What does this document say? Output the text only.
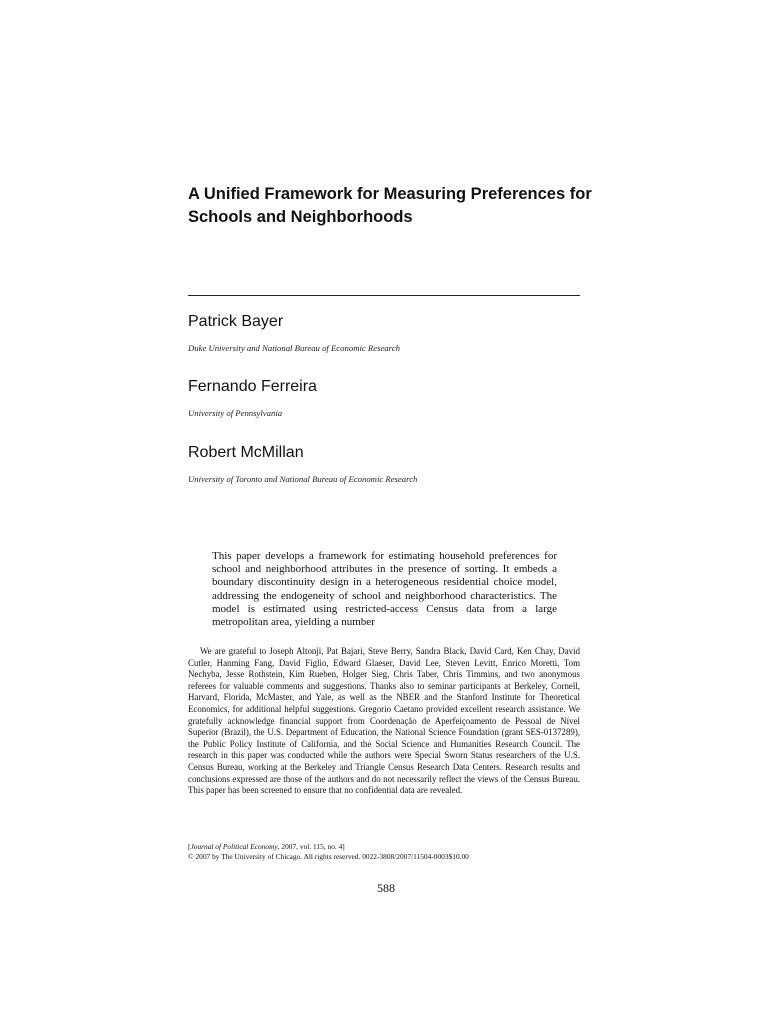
A Unified Framework for Measuring Preferences for Schools and Neighborhoods
Patrick Bayer

Duke University and National Bureau of Economic Research

Fernando Ferreira

University of Pennsylvania

Robert McMillan

University of Toronto and National Bureau of Economic Research

This paper develops a framework for estimating household preferences for school and neighborhood attributes in the presence of sorting. It embeds a boundary discontinuity design in a heterogeneous residential choice model, addressing the endogeneity of school and neighborhood characteristics. The model is estimated using restricted-access Census data from a large metropolitan area, yielding a number

We are grateful to Joseph Altonji, Pat Bajari, Steve Berry, Sandra Black, David Card, Ken Chay, David Cutler, Hanming Fang, David Figlio, Edward Glaeser, David Lee, Steven Levitt, Enrico Moretti, Tom Nechyba, Jesse Rothstein, Kim Rueben, Holger Sieg, Chris Taber, Chris Timmins, and two anonymous referees for valuable comments and suggestions. Thanks also to seminar participants at Berkeley, Cornell, Harvard, Florida, McMaster, and Yale, as well as the NBER and the Stanford Institute for Theoretical Economics, for additional helpful suggestions. Gregorio Caetano provided excellent research assistance. We gratefully acknowledge financial support from Coordenação de Aperfeiçoamento de Pessoal de Nível Superior (Brazil), the U.S. Department of Education, the National Science Foundation (grant SES-0137289), the Public Policy Institute of California, and the Social Science and Humanities Research Council. The research in this paper was conducted while the authors were Special Sworn Status researchers of the U.S. Census Bureau, working at the Berkeley and Triangle Census Research Data Centers. Research results and conclusions expressed are those of the authors and do not necessarily reflect the views of the Census Bureau. This paper has been screened to ensure that no confidential data are revealed.

[Journal of Political Economy, 2007, vol. 115, no. 4]
© 2007 by The University of Chicago. All rights reserved. 0022-3808/2007/11504-0003$10.00
588
